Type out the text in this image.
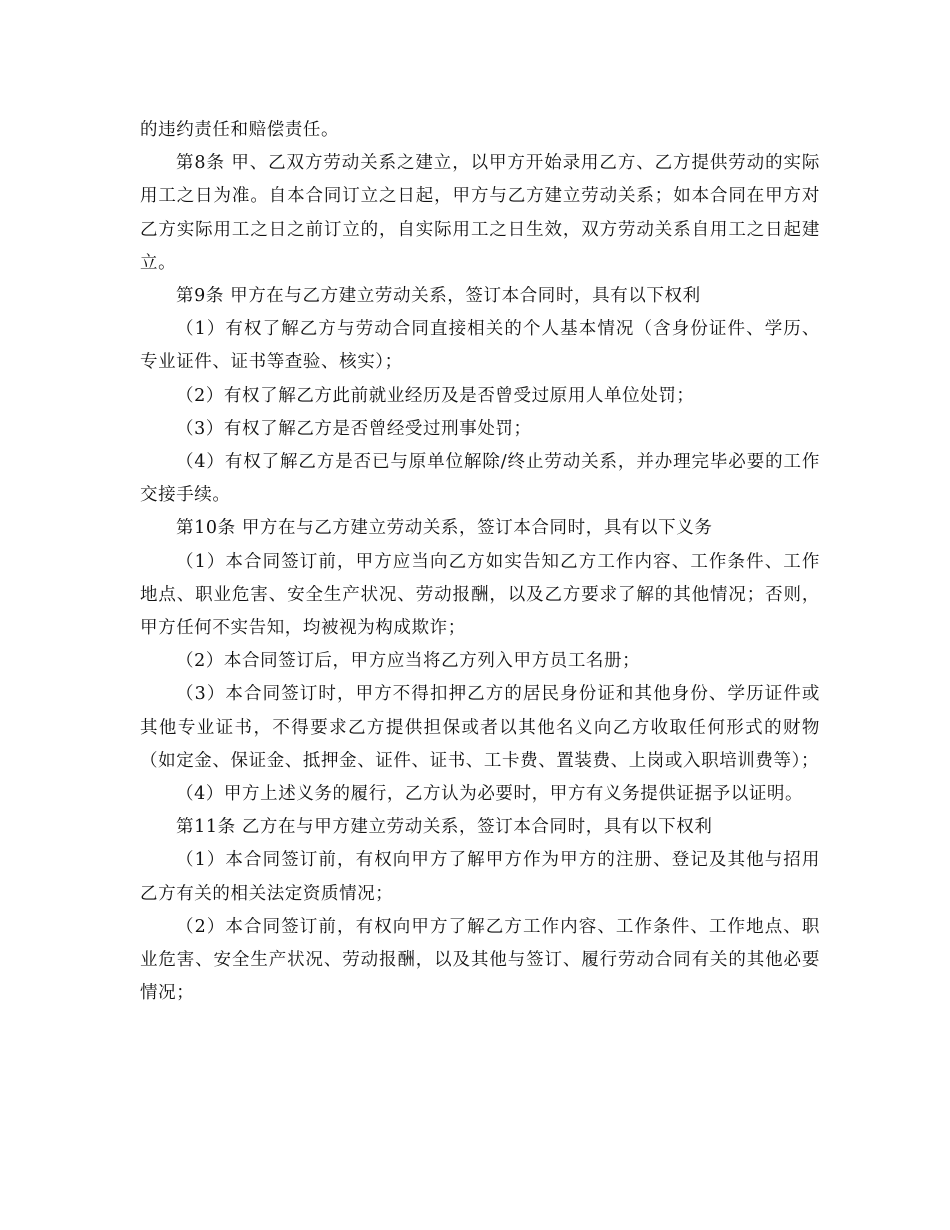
的违约责任和赔偿责任。

第8条 甲、乙双方劳动关系之建立，以甲方开始录用乙方、乙方提供劳动的实际用工之日为准。自本合同订立之日起，甲方与乙方建立劳动关系；如本合同在甲方对乙方实际用工之日之前订立的，自实际用工之日生效，双方劳动关系自用工之日起建立。

第9条 甲方在与乙方建立劳动关系，签订本合同时，具有以下权利

（1）有权了解乙方与劳动合同直接相关的个人基本情况（含身份证件、学历、专业证件、证书等查验、核实）；

（2）有权了解乙方此前就业经历及是否曾受过原用人单位处罚；

（3）有权了解乙方是否曾经受过刑事处罚；

（4）有权了解乙方是否已与原单位解除/终止劳动关系，并办理完毕必要的工作交接手续。

第10条 甲方在与乙方建立劳动关系，签订本合同时，具有以下义务

（1）本合同签订前，甲方应当向乙方如实告知乙方工作内容、工作条件、工作地点、职业危害、安全生产状况、劳动报酬，以及乙方要求了解的其他情况；否则，甲方任何不实告知，均被视为构成欺诈；

（2）本合同签订后，甲方应当将乙方列入甲方员工名册；

（3）本合同签订时，甲方不得扣押乙方的居民身份证和其他身份、学历证件或其他专业证书，不得要求乙方提供担保或者以其他名义向乙方收取任何形式的财物（如定金、保证金、抵押金、证件、证书、工卡费、置装费、上岗或入职培训费等）；

（4）甲方上述义务的履行，乙方认为必要时，甲方有义务提供证据予以证明。

第11条 乙方在与甲方建立劳动关系，签订本合同时，具有以下权利

（1）本合同签订前，有权向甲方了解甲方作为甲方的注册、登记及其他与招用乙方有关的相关法定资质情况；

（2）本合同签订前，有权向甲方了解乙方工作内容、工作条件、工作地点、职业危害、安全生产状况、劳动报酬，以及其他与签订、履行劳动合同有关的其他必要情况；
